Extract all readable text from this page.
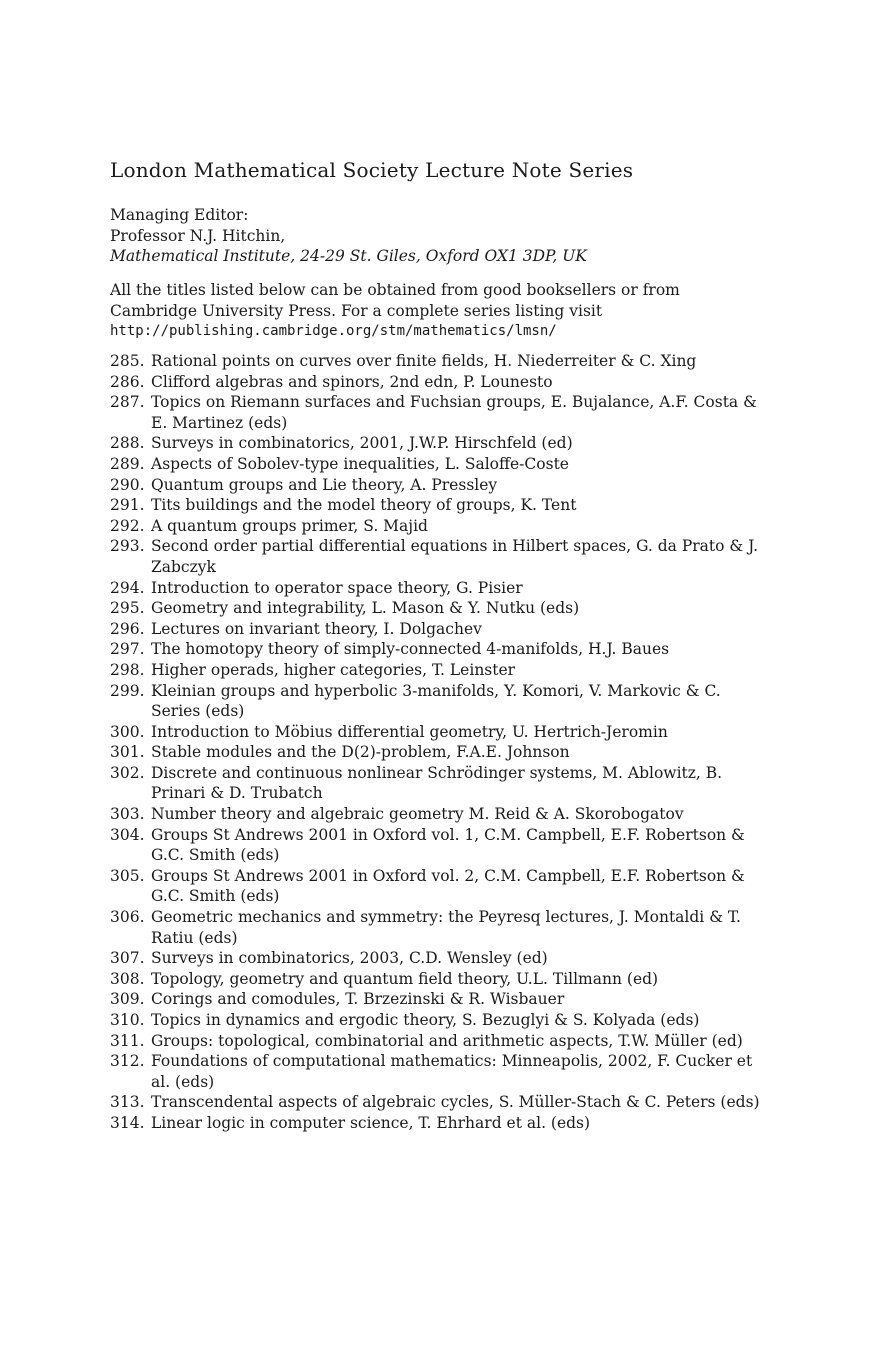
London Mathematical Society Lecture Note Series
Managing Editor:
Professor N.J. Hitchin,
Mathematical Institute, 24-29 St. Giles, Oxford OX1 3DP, UK
All the titles listed below can be obtained from good booksellers or from Cambridge University Press. For a complete series listing visit
http://publishing.cambridge.org/stm/mathematics/lmsn/
285. Rational points on curves over finite fields, H. Niederreiter & C. Xing
286. Clifford algebras and spinors, 2nd edn, P. Lounesto
287. Topics on Riemann surfaces and Fuchsian groups, E. Bujalance, A.F. Costa & E. Martinez (eds)
288. Surveys in combinatorics, 2001, J.W.P. Hirschfeld (ed)
289. Aspects of Sobolev-type inequalities, L. Saloffe-Coste
290. Quantum groups and Lie theory, A. Pressley
291. Tits buildings and the model theory of groups, K. Tent
292. A quantum groups primer, S. Majid
293. Second order partial differential equations in Hilbert spaces, G. da Prato & J. Zabczyk
294. Introduction to operator space theory, G. Pisier
295. Geometry and integrability, L. Mason & Y. Nutku (eds)
296. Lectures on invariant theory, I. Dolgachev
297. The homotopy theory of simply-connected 4-manifolds, H.J. Baues
298. Higher operads, higher categories, T. Leinster
299. Kleinian groups and hyperbolic 3-manifolds, Y. Komori, V. Markovic & C. Series (eds)
300. Introduction to Möbius differential geometry, U. Hertrich-Jeromin
301. Stable modules and the D(2)-problem, F.A.E. Johnson
302. Discrete and continuous nonlinear Schrödinger systems, M. Ablowitz, B. Prinari & D. Trubatch
303. Number theory and algebraic geometry M. Reid & A. Skorobogatov
304. Groups St Andrews 2001 in Oxford vol. 1, C.M. Campbell, E.F. Robertson & G.C. Smith (eds)
305. Groups St Andrews 2001 in Oxford vol. 2, C.M. Campbell, E.F. Robertson & G.C. Smith (eds)
306. Geometric mechanics and symmetry: the Peyresq lectures, J. Montaldi & T. Ratiu (eds)
307. Surveys in combinatorics, 2003, C.D. Wensley (ed)
308. Topology, geometry and quantum field theory, U.L. Tillmann (ed)
309. Corings and comodules, T. Brzezinski & R. Wisbauer
310. Topics in dynamics and ergodic theory, S. Bezuglyi & S. Kolyada (eds)
311. Groups: topological, combinatorial and arithmetic aspects, T.W. Müller (ed)
312. Foundations of computational mathematics: Minneapolis, 2002, F. Cucker et al. (eds)
313. Transcendental aspects of algebraic cycles, S. Müller-Stach & C. Peters (eds)
314. Linear logic in computer science, T. Ehrhard et al. (eds)
